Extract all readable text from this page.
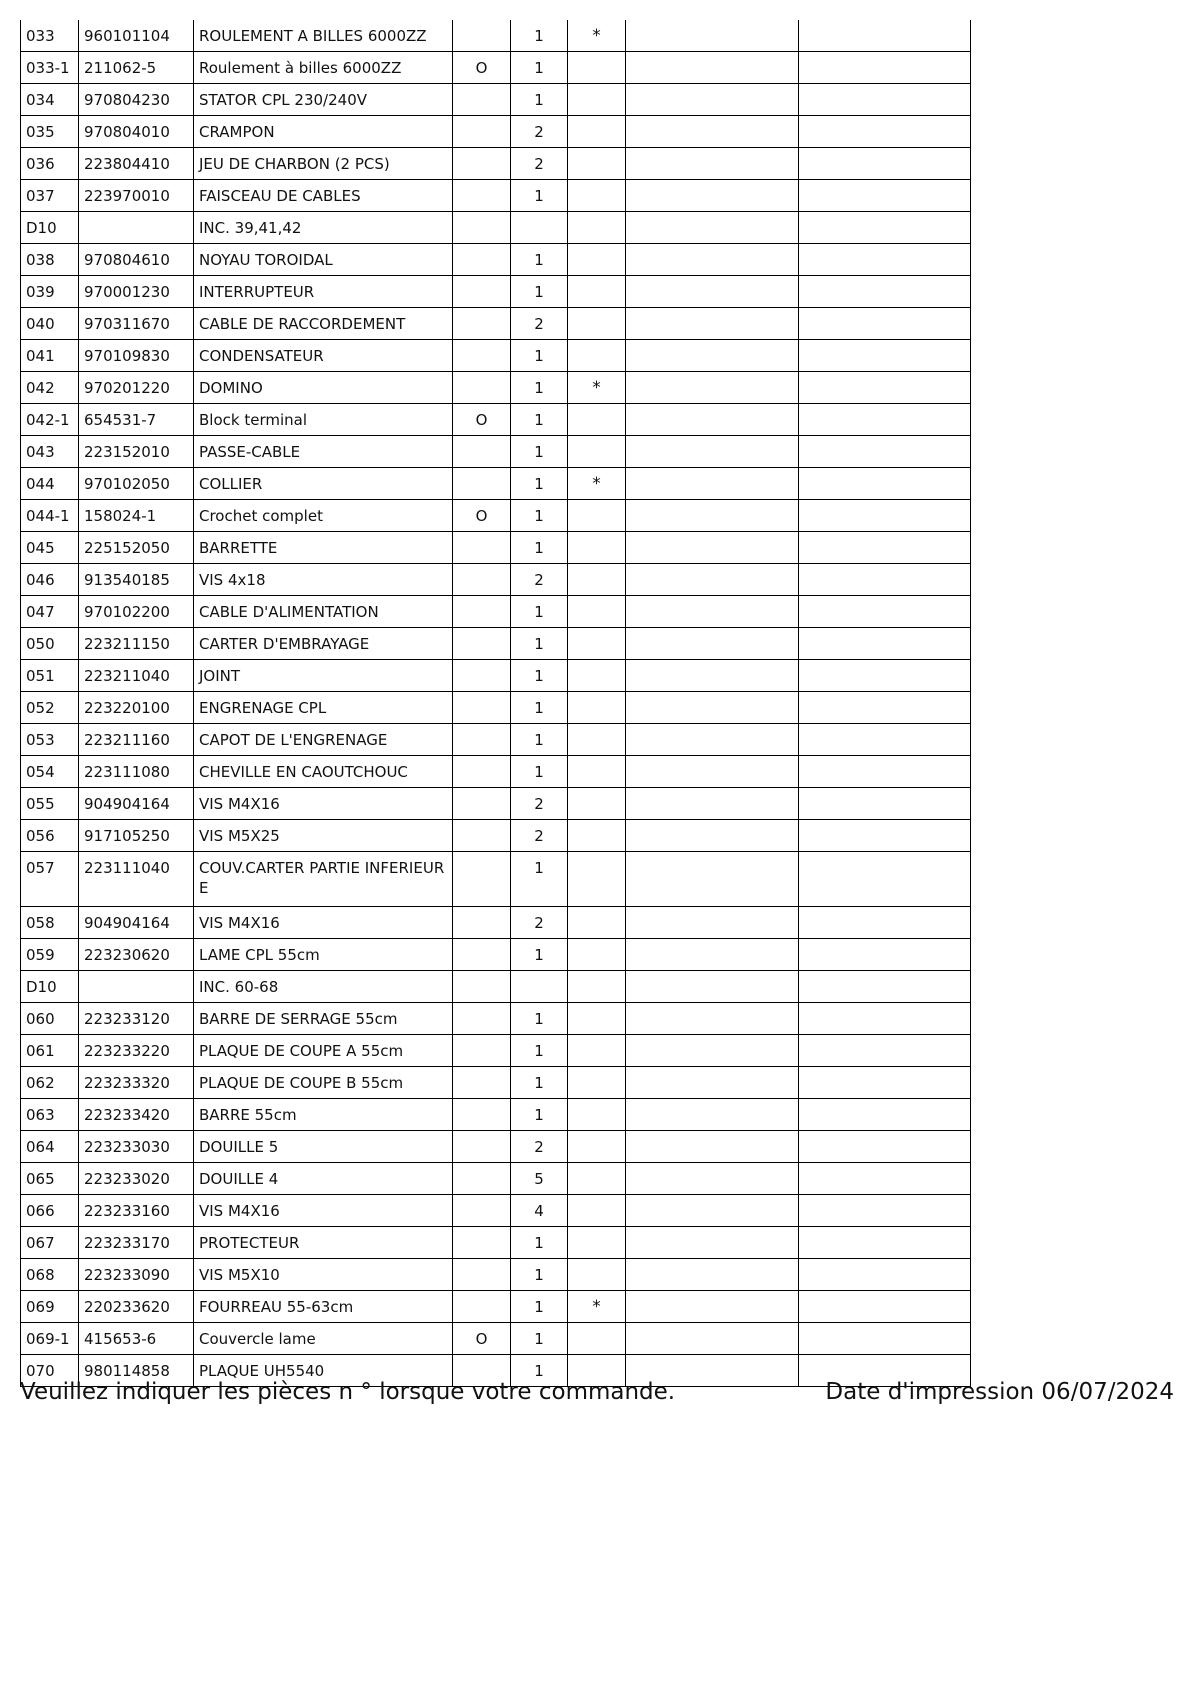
033	960101104	ROULEMENT A BILLES 6000ZZ		1	*		
033-1	211062-5	Roulement à billes 6000ZZ	O	1			
034	970804230	STATOR CPL 230/240V		1			
035	970804010	CRAMPON		2			
036	223804410	JEU DE CHARBON (2 PCS)		2			
037	223970010	FAISCEAU DE CABLES		1			
D10		INC. 39,41,42					
038	970804610	NOYAU TOROIDAL		1			
039	970001230	INTERRUPTEUR		1			
040	970311670	CABLE DE RACCORDEMENT		2			
041	970109830	CONDENSATEUR		1			
042	970201220	DOMINO		1	*		
042-1	654531-7	Block terminal	O	1			
043	223152010	PASSE-CABLE		1			
044	970102050	COLLIER		1	*		
044-1	158024-1	Crochet complet	O	1			
045	225152050	BARRETTE		1			
046	913540185	VIS 4x18		2			
047	970102200	CABLE D'ALIMENTATION		1			
050	223211150	CARTER D'EMBRAYAGE		1			
051	223211040	JOINT		1			
052	223220100	ENGRENAGE CPL		1			
053	223211160	CAPOT DE L'ENGRENAGE		1			
054	223111080	CHEVILLE EN CAOUTCHOUC		1			
055	904904164	VIS M4X16		2			
056	917105250	VIS M5X25		2			
057	223111040	COUV.CARTER PARTIE INFERIEURE		1			
058	904904164	VIS M4X16		2			
059	223230620	LAME CPL 55cm		1			
D10		INC. 60-68					
060	223233120	BARRE DE SERRAGE 55cm		1			
061	223233220	PLAQUE DE COUPE A 55cm		1			
062	223233320	PLAQUE DE COUPE B 55cm		1			
063	223233420	BARRE 55cm		1			
064	223233030	DOUILLE 5		2			
065	223233020	DOUILLE 4		5			
066	223233160	VIS M4X16		4			
067	223233170	PROTECTEUR		1			
068	223233090	VIS M5X10		1			
069	220233620	FOURREAU 55-63cm		1	*		
069-1	415653-6	Couvercle lame	O	1			
070	980114858	PLAQUE UH5540		1			
Veuillez indiquer les pièces n ° lorsque votre commande.	Date d'impression 06/07/2024
